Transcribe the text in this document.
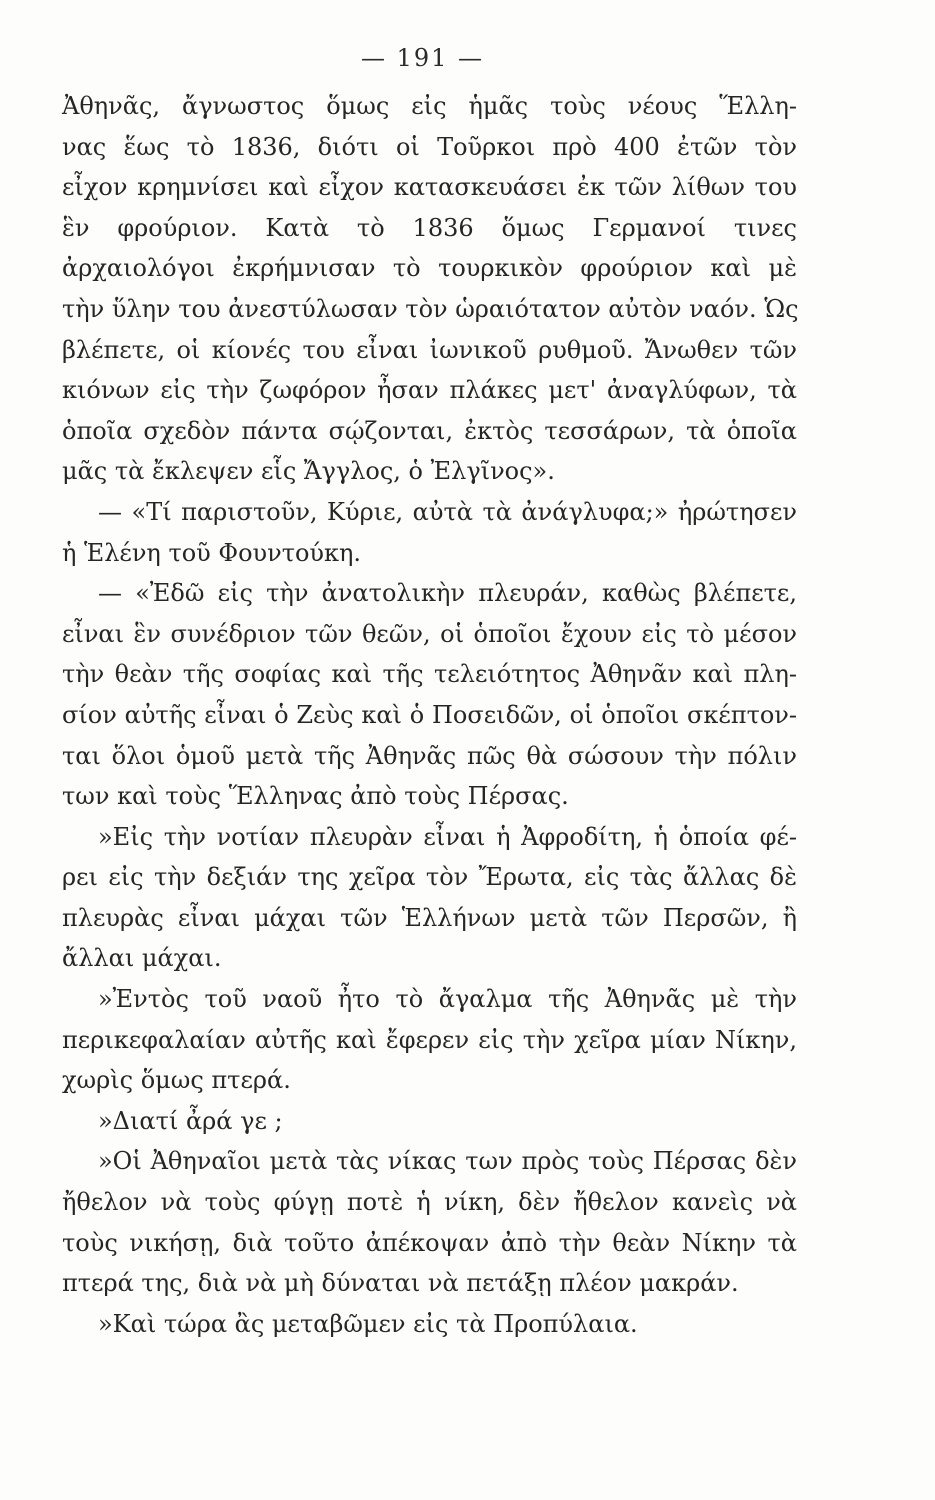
— 191 —
Ἀθηνᾶς, ἄγνωστος ὅμως εἰς ἡμᾶς τοὺς νέους Ἕλλη-
νας ἕως τὸ 1836, διότι οἱ Τοῦρκοι πρὸ 400 ἐτῶν τὸν
εἶχον κρημνίσει καὶ εἶχον κατασκευάσει ἐκ τῶν λίθων του
ἓν φρούριον. Κατὰ τὸ 1836 ὅμως Γερμανοί τινες
ἀρχαιολόγοι ἐκρήμνισαν τὸ τουρκικὸν φρούριον καὶ μὲ
τὴν ὕλην του ἀνεστύλωσαν τὸν ὡραιότατον αὐτὸν ναόν. Ὡς
βλέπετε, οἱ κίονές του εἶναι ἰωνικοῦ ρυθμοῦ. Ἄνωθεν τῶν
κιόνων εἰς τὴν ζωφόρον ἦσαν πλάκες μετ' ἀναγλύφων, τὰ
ὁποῖα σχεδὸν πάντα σῴζονται, ἐκτὸς τεσσάρων, τὰ ὁποῖα
μᾶς τὰ ἔκλεψεν εἷς Ἄγγλος, ὁ Ἐλγῖνος».
— «Τί παριστοῦν, Κύριε, αὐτὰ τὰ ἀνάγλυφα;» ἠρώτησεν
ἡ Ἑλένη τοῦ Φουντούκη.
— «Ἐδῶ εἰς τὴν ἀνατολικὴν πλευράν, καθὼς βλέπετε,
εἶναι ἓν συνέδριον τῶν θεῶν, οἱ ὁποῖοι ἔχουν εἰς τὸ μέσον
τὴν θεὰν τῆς σοφίας καὶ τῆς τελειότητος Ἀθηνᾶν καὶ πλη-
σίον αὐτῆς εἶναι ὁ Ζεὺς καὶ ὁ Ποσειδῶν, οἱ ὁποῖοι σκέπτον-
ται ὅλοι ὁμοῦ μετὰ τῆς Ἀθηνᾶς πῶς θὰ σώσουν τὴν πόλιν
των καὶ τοὺς Ἕλληνας ἀπὸ τοὺς Πέρσας.
»Εἰς τὴν νοτίαν πλευρὰν εἶναι ἡ Ἀφροδίτη, ἡ ὁποία φέ-
ρει εἰς τὴν δεξιάν της χεῖρα τὸν Ἔρωτα, εἰς τὰς ἄλλας δὲ
πλευρὰς εἶναι μάχαι τῶν Ἑλλήνων μετὰ τῶν Περσῶν, ἢ
ἄλλαι μάχαι.
»Ἐντὸς τοῦ ναοῦ ἦτο τὸ ἄγαλμα τῆς Ἀθηνᾶς μὲ τὴν
περικεφαλαίαν αὐτῆς καὶ ἔφερεν εἰς τὴν χεῖρα μίαν Νίκην,
χωρὶς ὅμως πτερά.
»Διατί ἆρά γε ;
»Οἱ Ἀθηναῖοι μετὰ τὰς νίκας των πρὸς τοὺς Πέρσας δὲν
ἤθελον νὰ τοὺς φύγῃ ποτὲ ἡ νίκη, δὲν ἤθελον κανεὶς νὰ
τοὺς νικήσῃ, διὰ τοῦτο ἀπέκοψαν ἀπὸ τὴν θεὰν Νίκην τὰ
πτερά της, διὰ νὰ μὴ δύναται νὰ πετάξῃ πλέον μακράν.
»Καὶ τώρα ἂς μεταβῶμεν εἰς τὰ Προπύλαια.
